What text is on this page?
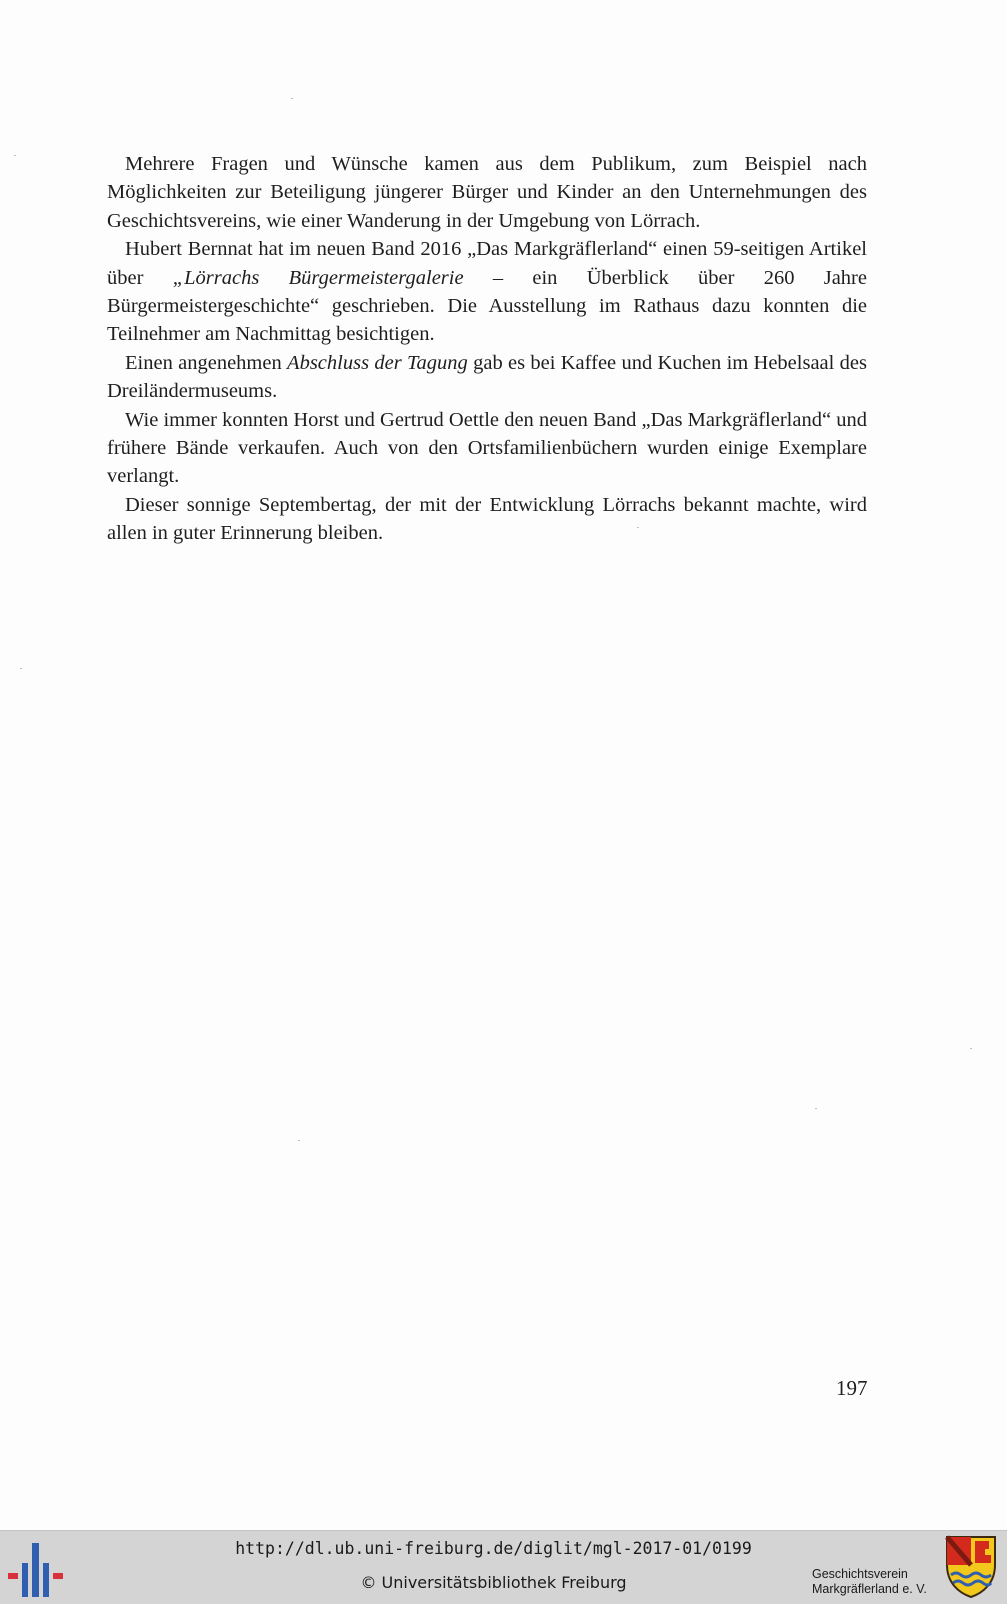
Mehrere Fragen und Wünsche kamen aus dem Publikum, zum Beispiel nach Möglichkeiten zur Beteiligung jüngerer Bürger und Kinder an den Unternehmungen des Geschichtsvereins, wie einer Wanderung in der Umgebung von Lörrach.

Hubert Bernnat hat im neuen Band 2016 „Das Markgräflerland“ einen 59-seitigen Artikel über „Lörrachs Bürgermeistergalerie – ein Überblick über 260 Jahre Bürgermeistergeschichte“ geschrieben. Die Ausstellung im Rathaus dazu konnten die Teilnehmer am Nachmittag besichtigen.

Einen angenehmen Abschluss der Tagung gab es bei Kaffee und Kuchen im Hebelsaal des Dreiländermuseums.

Wie immer konnten Horst und Gertrud Oettle den neuen Band „Das Markgräflerland“ und frühere Bände verkaufen. Auch von den Ortsfamilienbüchern wurden einige Exemplare verlangt.

Dieser sonnige Septembertag, der mit der Entwicklung Lörrachs bekannt machte, wird allen in guter Erinnerung bleiben.

197
http://dl.ub.uni-freiburg.de/diglit/mgl-2017-01/0199
© Universitätsbibliothek Freiburg	Geschichtsverein
Markgräflerland e. V.
